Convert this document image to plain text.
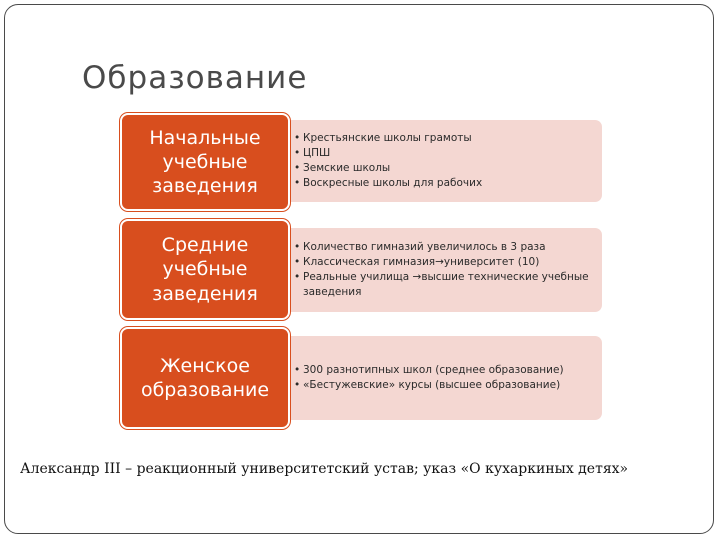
Образование
• Крестьянские школы грамоты
• ЦПШ
• Земские школы
• Воскресные школы для рабочих
Начальные
учебные
заведения
• Количество гимназий увеличилось в 3 раза
• Классическая гимназия→университет (10)
• Реальные училища →высшие технические учебные заведения
Средние
учебные
заведения
• 300 разнотипных школ (среднее образование)
• «Бестужевские» курсы (высшее образование)
Женское
образование
Александр III – реакционный университетский устав; указ «О кухаркиных детях»
